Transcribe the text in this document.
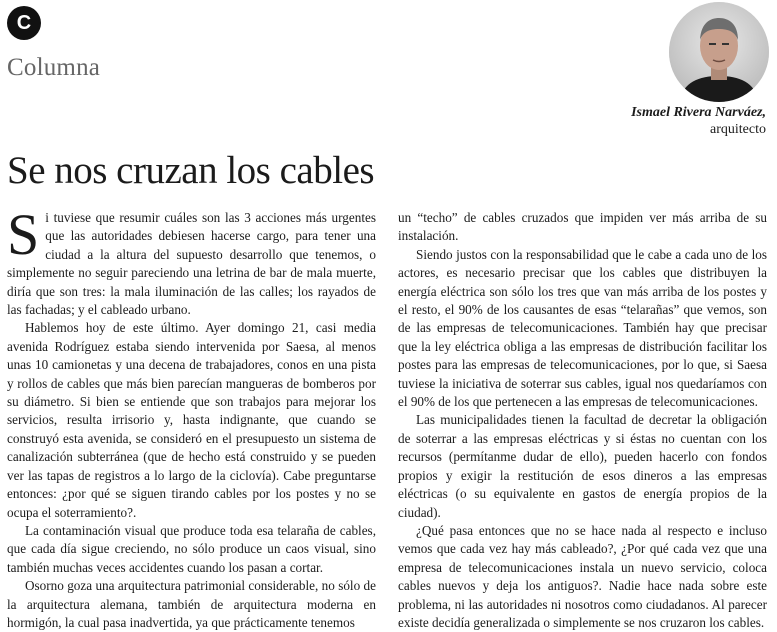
C
Columna
Ismael Rivera Narváez,
arquitecto
Se nos cruzan los cables

Si tuviese que resumir cuáles son las 3 acciones más urgentes que las autoridades debiesen hacerse cargo, para tener una ciudad a la altura del supuesto desarrollo que tenemos, o simplemente no seguir pareciendo una letrina de bar de mala muerte, diría que son tres: la mala iluminación de las calles; los rayados de las fachadas; y el cableado urbano.

Hablemos hoy de este último. Ayer domingo 21, casi media avenida Rodríguez estaba siendo intervenida por Saesa, al menos unas 10 camionetas y una decena de trabajadores, conos en una pista y rollos de cables que más bien parecían mangueras de bomberos por su diámetro. Si bien se entiende que son trabajos para mejorar los servicios, resulta irrisorio y, hasta indignante, que cuando se construyó esta avenida, se consideró en el presupuesto un sistema de canalización subterránea (que de hecho está construido y se pueden ver las tapas de registros a lo largo de la ciclovía). Cabe preguntarse entonces: ¿por qué se siguen tirando cables por los postes y no se ocupa el soterramiento?.

La contaminación visual que produce toda esa telaraña de cables, que cada día sigue creciendo, no sólo produce un caos visual, sino también muchas veces accidentes cuando los pasan a cortar.

Osorno goza una arquitectura patrimonial considerable, no sólo de la arquitectura alemana, también de arquitectura moderna en hormigón, la cual pasa inadvertida, ya que prácticamente tenemos

un “techo” de cables cruzados que impiden ver más arriba de su instalación.

Siendo justos con la responsabilidad que le cabe a cada uno de los actores, es necesario precisar que los cables que distribuyen la energía eléctrica son sólo los tres que van más arriba de los postes y el resto, el 90% de los causantes de esas “telarañas” que vemos, son de las empresas de telecomunicaciones. También hay que precisar que la ley eléctrica obliga a las empresas de distribución facilitar los postes para las empresas de telecomunicaciones, por lo que, si Saesa tuviese la iniciativa de soterrar sus cables, igual nos quedaríamos con el 90% de los que pertenecen a las empresas de telecomunicaciones.

Las municipalidades tienen la facultad de decretar la obligación de soterrar a las empresas eléctricas y si éstas no cuentan con los recursos (permítanme dudar de ello), pueden hacerlo con fondos propios y exigir la restitución de esos dineros a las empresas eléctricas (o su equivalente en gastos de energía propios de la ciudad).

¿Qué pasa entonces que no se hace nada al respecto e incluso vemos que cada vez hay más cableado?, ¿Por qué cada vez que una empresa de telecomunicaciones instala un nuevo servicio, coloca cables nuevos y deja los antiguos?. Nadie hace nada sobre este problema, ni las autoridades ni nosotros como ciudadanos. Al parecer existe decidía generalizada o simplemente se nos cruzaron los cables.
